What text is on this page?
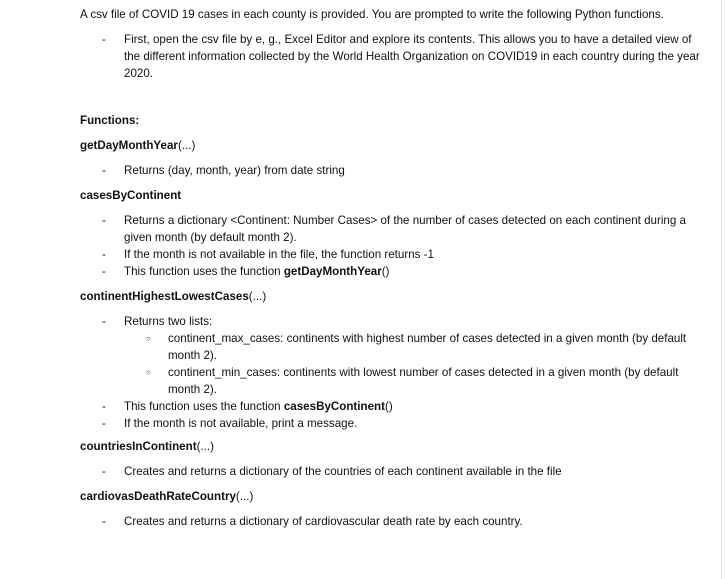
A csv file of COVID 19 cases in each county is provided. You are prompted to write the following Python functions.

- First, open the csv file by e, g., Excel Editor and explore its contents. This allows you to have a detailed view of the different information collected by the World Health Organization on COVID19 in each country during the year 2020.

Functions:

getDayMonthYear(...)

- Returns (day, month, year) from date string

casesByContinent

- Returns a dictionary <Continent: Number Cases> of the number of cases detected on each continent during a given month (by default month 2).
- If the month is not available in the file, the function returns -1
- This function uses the function getDayMonthYear()

continentHighestLowestCases(...)

- Returns two lists:
○ continent_max_cases: continents with highest number of cases detected in a given month (by default month 2).
○ continent_min_cases: continents with lowest number of cases detected in a given month (by default month 2).
- This function uses the function casesByContinent()
- If the month is not available, print a message.

countriesInContinent(...)

- Creates and returns a dictionary of the countries of each continent available in the file

cardiovasDeathRateCountry(...)

- Creates and returns a dictionary of cardiovascular death rate by each country.
